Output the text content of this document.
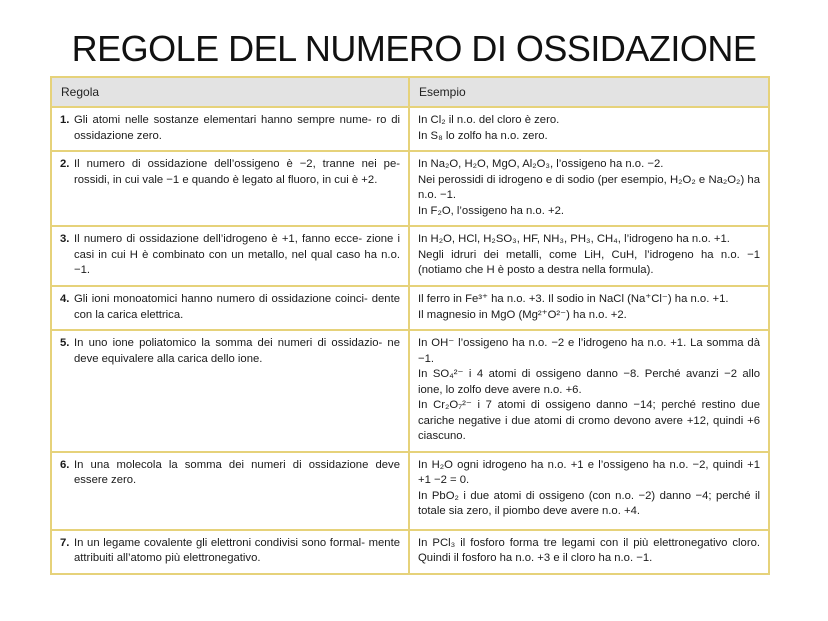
REGOLE DEL NUMERO DI OSSIDAZIONE
Regola	Esempio
1. Gli atomi nelle sostanze elementari hanno sempre nume- ro di ossidazione zero.

In Cl₂ il n.o. del cloro è zero.

In S₈ lo zolfo ha n.o. zero.

2. Il numero di ossidazione dell’ossigeno è −2, tranne nei pe- rossidi, in cui vale −1 e quando è legato al fluoro, in cui è +2.

In Na₂O, H₂O, MgO, Al₂O₃, l’ossigeno ha n.o. −2.

Nei perossidi di idrogeno e di sodio (per esempio, H₂O₂ e Na₂O₂) ha n.o. −1.

In F₂O, l’ossigeno ha n.o. +2.

3. Il numero di ossidazione dell’idrogeno è +1, fanno ecce- zione i casi in cui H è combinato con un metallo, nel qual caso ha n.o. −1.

In H₂O, HCl, H₂SO₃, HF, NH₃, PH₃, CH₄, l’idrogeno ha n.o. +1.

Negli idruri dei metalli, come LiH, CuH, l’idrogeno ha n.o. −1 (notiamo che H è posto a destra nella formula).

4. Gli ioni monoatomici hanno numero di ossidazione coinci- dente con la carica elettrica.

Il ferro in Fe³⁺ ha n.o. +3. Il sodio in NaCl (Na⁺Cl⁻) ha n.o. +1.

Il magnesio in MgO (Mg²⁺O²⁻) ha n.o. +2.

5. In uno ione poliatomico la somma dei numeri di ossidazio- ne deve equivalere alla carica dello ione.

In OH⁻ l’ossigeno ha n.o. −2 e l’idrogeno ha n.o. +1. La somma dà −1.

In SO₄²⁻ i 4 atomi di ossigeno danno −8. Perché avanzi −2 allo ione, lo zolfo deve avere n.o. +6.

In Cr₂O₇²⁻ i 7 atomi di ossigeno danno −14; perché restino due cariche negative i due atomi di cromo devono avere +12, quindi +6 ciascuno.

6. In una molecola la somma dei numeri di ossidazione deve essere zero.

In H₂O ogni idrogeno ha n.o. +1 e l’ossigeno ha n.o. −2, quindi +1 +1 −2 = 0.

In PbO₂ i due atomi di ossigeno (con n.o. −2) danno −4; perché il totale sia zero, il piombo deve avere n.o. +4.

7. In un legame covalente gli elettroni condivisi sono formal- mente attribuiti all’atomo più elettronegativo.

In PCl₃ il fosforo forma tre legami con il più elettronegativo cloro. Quindi il fosforo ha n.o. +3 e il cloro ha n.o. −1.
